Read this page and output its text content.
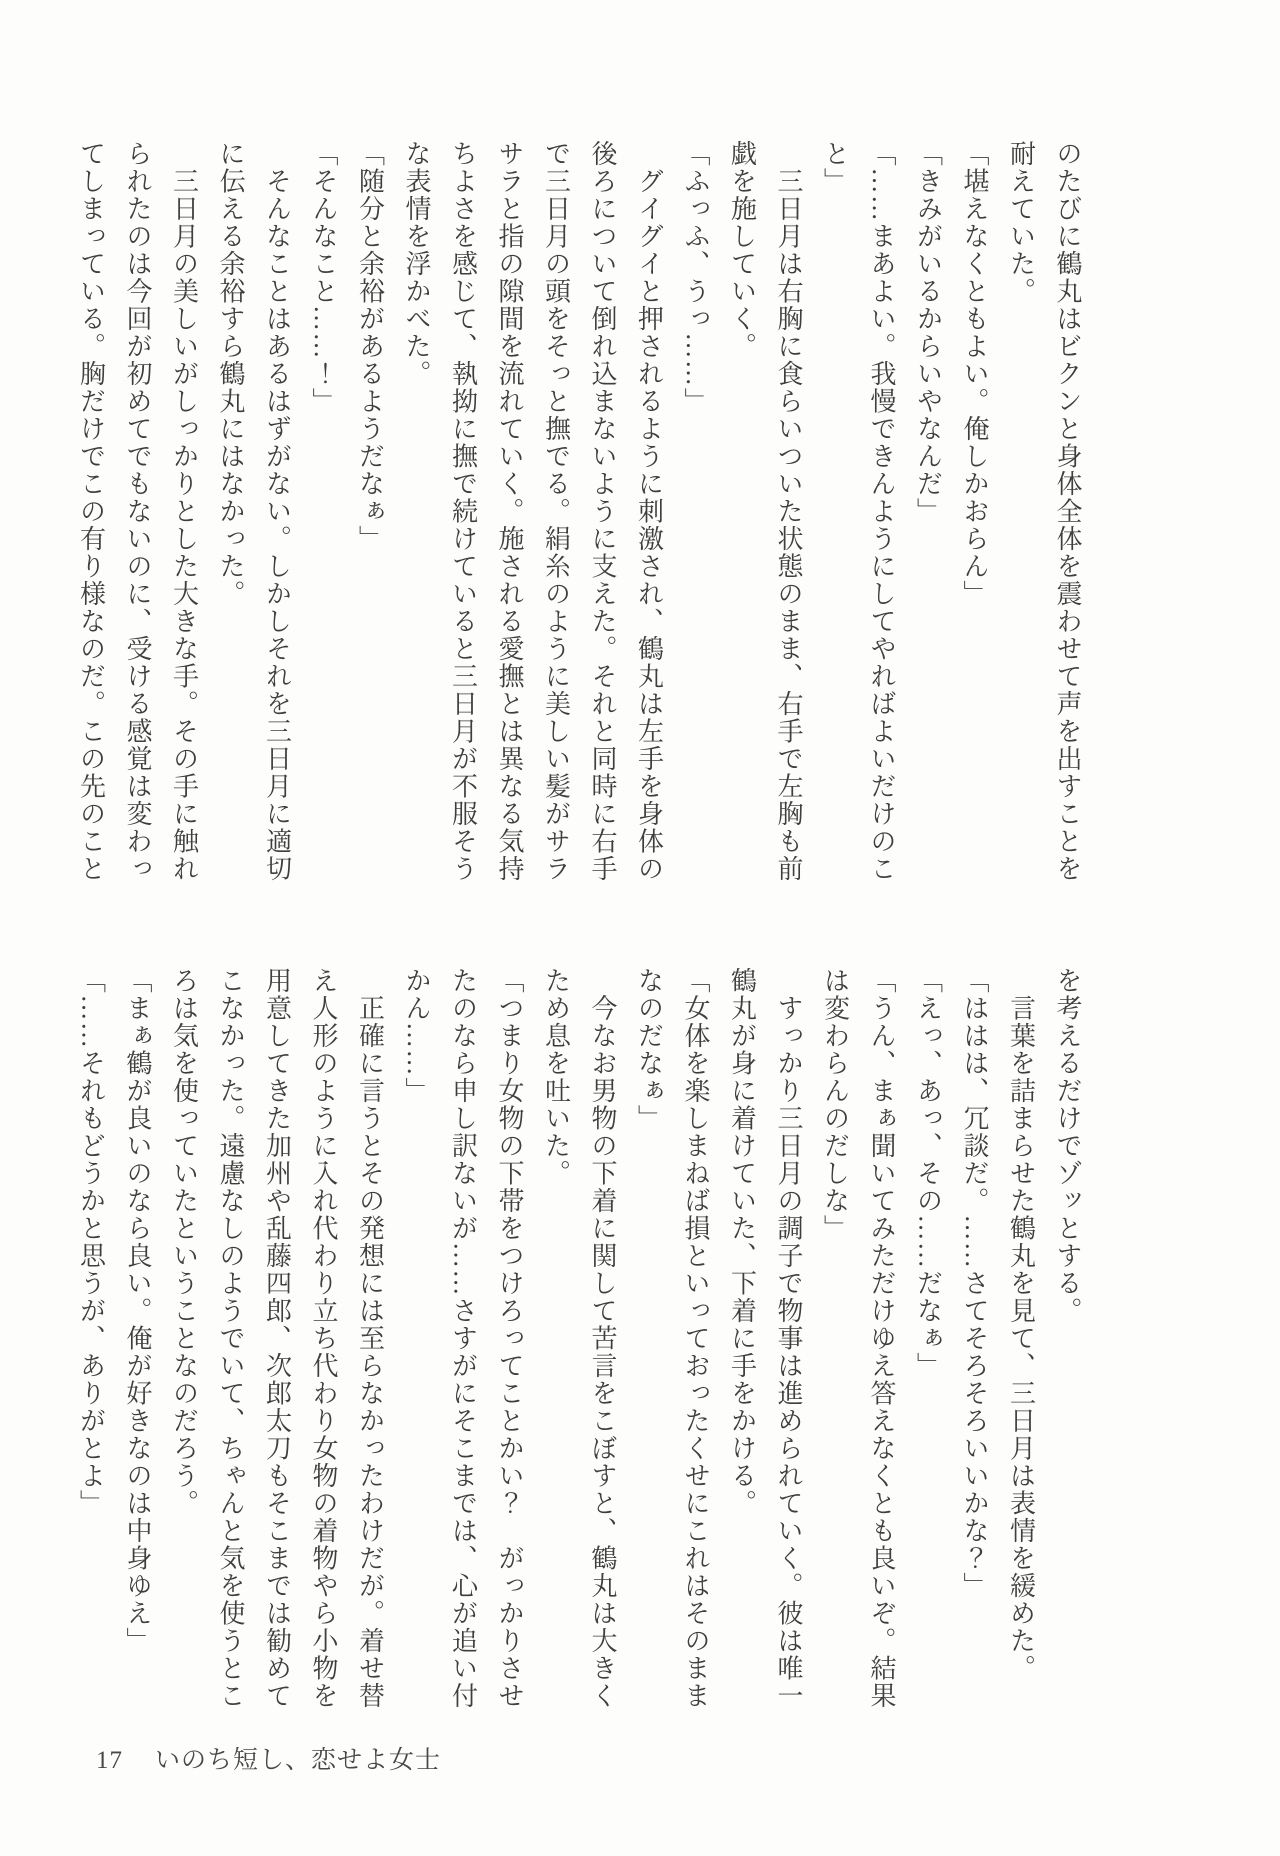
のたびに鶴丸はビクンと身体全体を震わせて声を出すことを

耐えていた。

「堪えなくともよい。俺しかおらん」

「きみがいるからいやなんだ」

「……まあよい。我慢できんようにしてやればよいだけのこ

と」

　三日月は右胸に食らいついた状態のまま、右手で左胸も前

戯を施していく。

「ふっふ、うっ……」

　グイグイと押されるように刺激され、鶴丸は左手を身体の

後ろについて倒れ込まないように支えた。それと同時に右手

で三日月の頭をそっと撫でる。絹糸のように美しい髪がサラ

サラと指の隙間を流れていく。施される愛撫とは異なる気持

ちよさを感じて、執拗に撫で続けていると三日月が不服そう

な表情を浮かべた。

「随分と余裕があるようだなぁ」

「そんなこと……！」

　そんなことはあるはずがない。しかしそれを三日月に適切

に伝える余裕すら鶴丸にはなかった。

　三日月の美しいがしっかりとした大きな手。その手に触れ

られたのは今回が初めてでもないのに、受ける感覚は変わっ

てしまっている。胸だけでこの有り様なのだ。この先のこと

を考えるだけでゾッとする。

　言葉を詰まらせた鶴丸を見て、三日月は表情を緩めた。

「ははは、冗談だ。……さてそろそろいいかな？」

「えっ、あっ、その……だなぁ」

「うん、まぁ聞いてみただけゆえ答えなくとも良いぞ。結果

は変わらんのだしな」

　すっかり三日月の調子で物事は進められていく。彼は唯一

鶴丸が身に着けていた、下着に手をかける。

「女体を楽しまねば損といっておったくせにこれはそのまま

なのだなぁ」

　今なお男物の下着に関して苦言をこぼすと、鶴丸は大きく

ため息を吐いた。

「つまり女物の下帯をつけろってことかい？　がっかりさせ

たのなら申し訳ないが……さすがにそこまでは、心が追い付

かん……」

　正確に言うとその発想には至らなかったわけだが。着せ替

え人形のように入れ代わり立ち代わり女物の着物やら小物を

用意してきた加州や乱藤四郎、次郎太刀もそこまでは勧めて

こなかった。遠慮なしのようでいて、ちゃんと気を使うとこ

ろは気を使っていたということなのだろう。

「まぁ鶴が良いのなら良い。俺が好きなのは中身ゆえ」

「……それもどうかと思うが、ありがとよ」

17 いのち短し、恋せよ女士
